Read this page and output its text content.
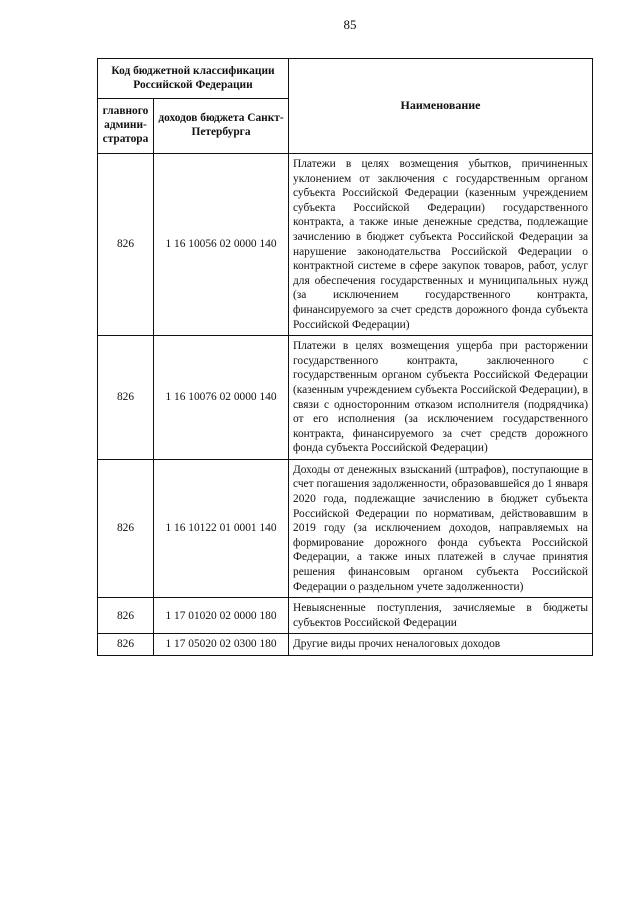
85
Код бюджетной классификации Российской Федерации		Наименование
главного админи-стратора	доходов бюджета Санкт-Петербурга	
826	1 16 10056 02 0000 140	Платежи в целях возмещения убытков, причиненных уклонением от заключения с государственным органом субъекта Российской Федерации (казенным учреждением субъекта Российской Федерации) государственного контракта, а также иные денежные средства, подлежащие зачислению в бюджет субъекта Российской Федерации за нарушение законодательства Российской Федерации о контрактной системе в сфере закупок товаров, работ, услуг для обеспечения государственных и муниципальных нужд (за исключением государственного контракта, финансируемого за счет средств дорожного фонда субъекта Российской Федерации)
826	1 16 10076 02 0000 140	Платежи в целях возмещения ущерба при расторжении государственного контракта, заключенного с государственным органом субъекта Российской Федерации (казенным учреждением субъекта Российской Федерации), в связи с односторонним отказом исполнителя (подрядчика) от его исполнения (за исключением государственного контракта, финансируемого за счет средств дорожного фонда субъекта Российской Федерации)
826	1 16 10122 01 0001 140	Доходы от денежных взысканий (штрафов), поступающие в счет погашения задолженности, образовавшейся до 1 января 2020 года, подлежащие зачислению в бюджет субъекта Российской Федерации по нормативам, действовавшим в 2019 году (за исключением доходов, направляемых на формирование дорожного фонда субъекта Российской Федерации, а также иных платежей в случае принятия решения финансовым органом субъекта Российской Федерации о раздельном учете задолженности)
826	1 17 01020 02 0000 180	Невыясненные поступления, зачисляемые в бюджеты субъектов Российской Федерации
826	1 17 05020 02 0300 180	Другие виды прочих неналоговых доходов
